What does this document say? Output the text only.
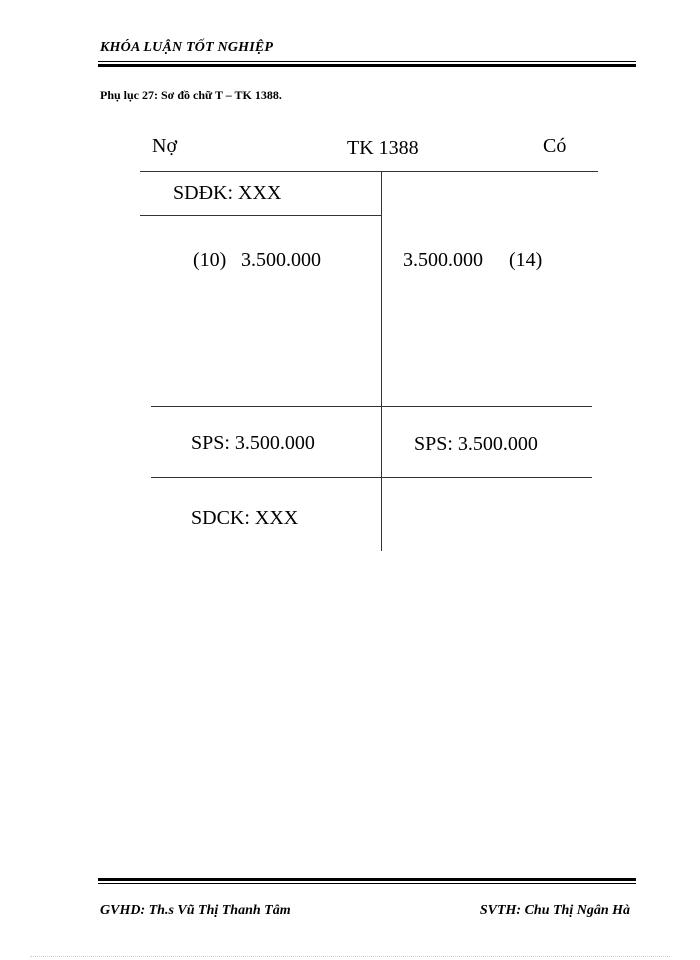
KHÓA LUẬN TỐT NGHIỆP
Phụ lục 27: Sơ đồ chữ T – TK 1388.
Nợ	TK 1388	Có
SDĐK: XXX
(10) 3.500.000	3.500.000 (14)
SPS: 3.500.000	SPS: 3.500.000
SDCK: XXX
GVHD: Th.s Vũ Thị Thanh Tâm	SVTH: Chu Thị Ngân Hà
